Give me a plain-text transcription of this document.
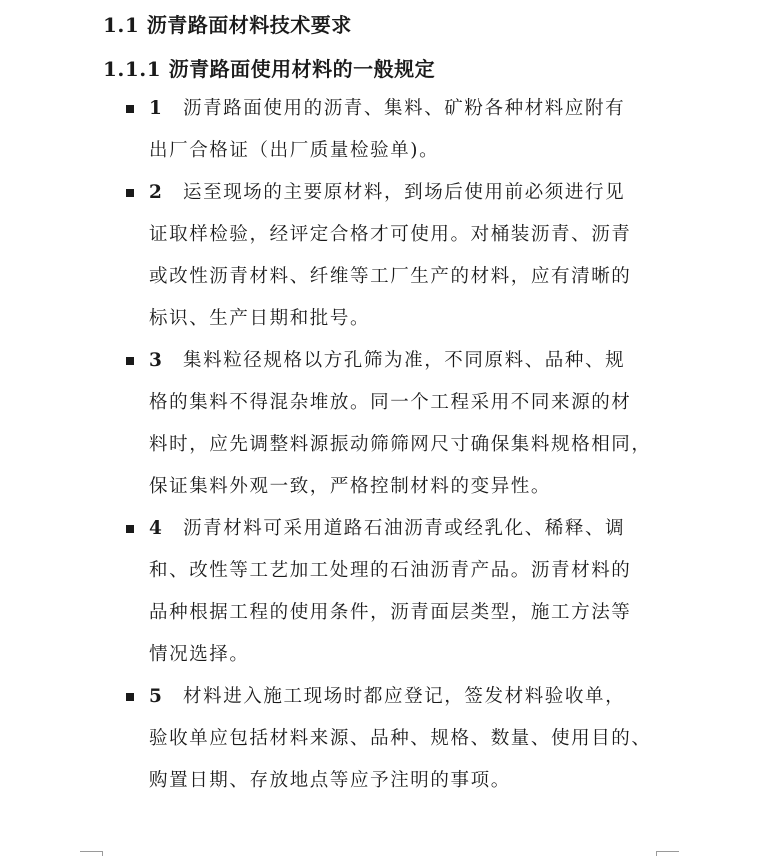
1.1 沥青路面材料技术要求
1.1.1 沥青路面使用材料的一般规定
1 沥青路面使用的沥青、集料、矿粉各种材料应附有
出厂合格证（出厂质量检验单)。
2 运至现场的主要原材料，到场后使用前必须进行见
证取样检验，经评定合格才可使用。对桶装沥青、沥青
或改性沥青材料、纤维等工厂生产的材料，应有清晰的
标识、生产日期和批号。
3 集料粒径规格以方孔筛为准，不同原料、品种、规
格的集料不得混杂堆放。同一个工程采用不同来源的材
料时，应先调整料源振动筛筛网尺寸确保集料规格相同，
保证集料外观一致，严格控制材料的变异性。
4 沥青材料可采用道路石油沥青或经乳化、稀释、调
和、改性等工艺加工处理的石油沥青产品。沥青材料的
品种根据工程的使用条件，沥青面层类型，施工方法等
情况选择。
5 材料进入施工现场时都应登记，签发材料验收单，
验收单应包括材料来源、品种、规格、数量、使用目的、
购置日期、存放地点等应予注明的事项。
